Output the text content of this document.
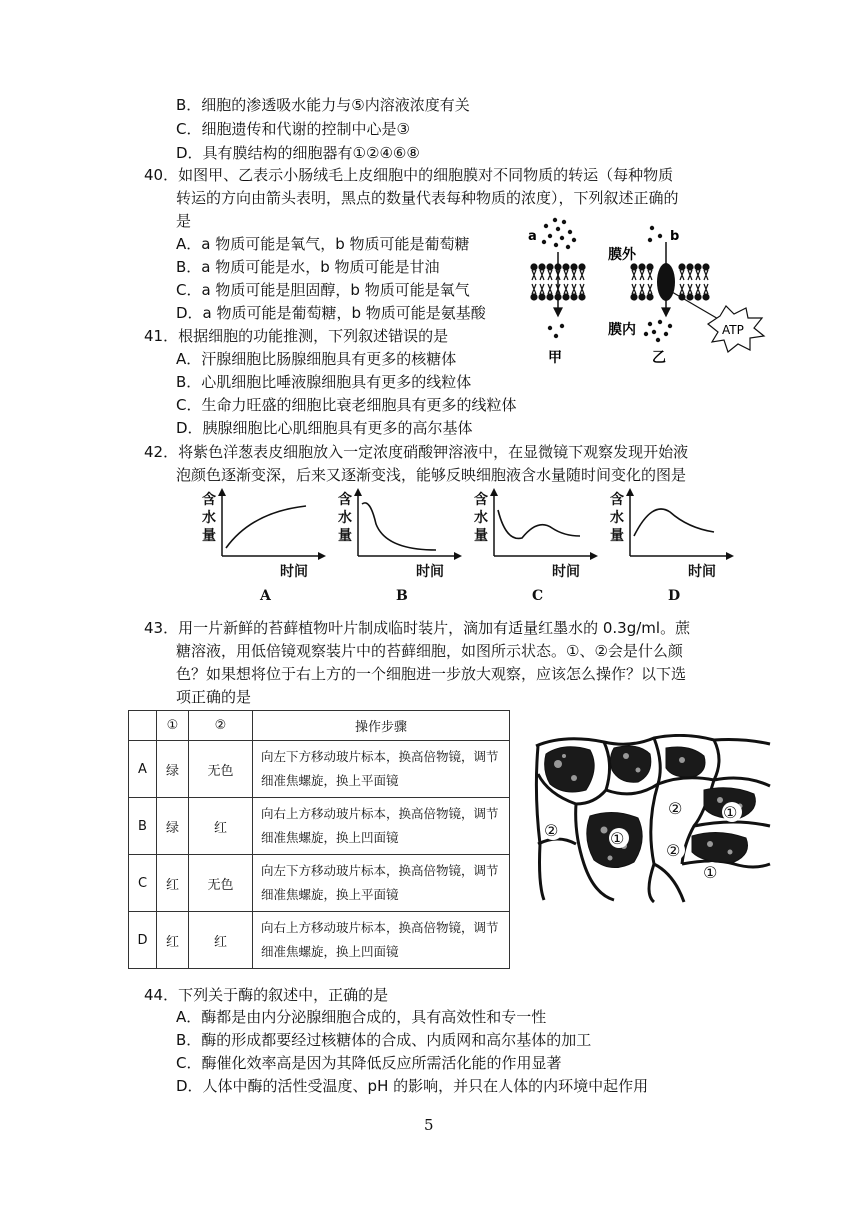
B．细胞的渗透吸水能力与⑤内溶液浓度有关
C．细胞遗传和代谢的控制中心是③
D．具有膜结构的细胞器有①②④⑥⑧
40．如图甲、乙表示小肠绒毛上皮细胞中的细胞膜对不同物质的转运（每种物质
转运的方向由箭头表明，黑点的数量代表每种物质的浓度），下列叙述正确的
是
A．a 物质可能是氧气，b 物质可能是葡萄糖
B．a 物质可能是水，b 物质可能是甘油
C．a 物质可能是胆固醇，b 物质可能是氧气
D．a 物质可能是葡萄糖，b 物质可能是氨基酸
a
甲
膜外
膜内
b
乙
ATP
41．根据细胞的功能推测，下列叙述错误的是
A．汗腺细胞比肠腺细胞具有更多的核糖体
B．心肌细胞比唾液腺细胞具有更多的线粒体
C．生命力旺盛的细胞比衰老细胞具有更多的线粒体
D．胰腺细胞比心肌细胞具有更多的高尔基体
42．将紫色洋葱表皮细胞放入一定浓度硝酸钾溶液中，在显微镜下观察发现开始液
泡颜色逐渐变深，后来又逐渐变浅，能够反映细胞液含水量随时间变化的图是
含
水
量
时间
A
含
水
量
时间
B
含
水
量
时间
C
含
水
量
时间
D
43．用一片新鲜的苔藓植物叶片制成临时装片，滴加有适量红墨水的 0.3g/ml。蔗
糖溶液，用低倍镜观察装片中的苔藓细胞，如图所示状态。①、②会是什么颜
色？如果想将位于右上方的一个细胞进一步放大观察，应该怎么操作？以下选
项正确的是
	①	②	操作步骤
A	绿	无色	向左下方移动玻片标本，换高倍物镜，调节细准焦螺旋，换上平面镜
B	绿	红	向右上方移动玻片标本，换高倍物镜，调节细准焦螺旋，换上凹面镜
C	红	无色	向左下方移动玻片标本，换高倍物镜，调节细准焦螺旋，换上平面镜
D	红	红	向右上方移动玻片标本，换高倍物镜，调节细准焦螺旋，换上凹面镜
②	①
②	①
②
①
44．下列关于酶的叙述中，正确的是
A．酶都是由内分泌腺细胞合成的，具有高效性和专一性
B．酶的形成都要经过核糖体的合成、内质网和高尔基体的加工
C．酶催化效率高是因为其降低反应所需活化能的作用显著
D．人体中酶的活性受温度、pH 的影响，并只在人体的内环境中起作用
5
